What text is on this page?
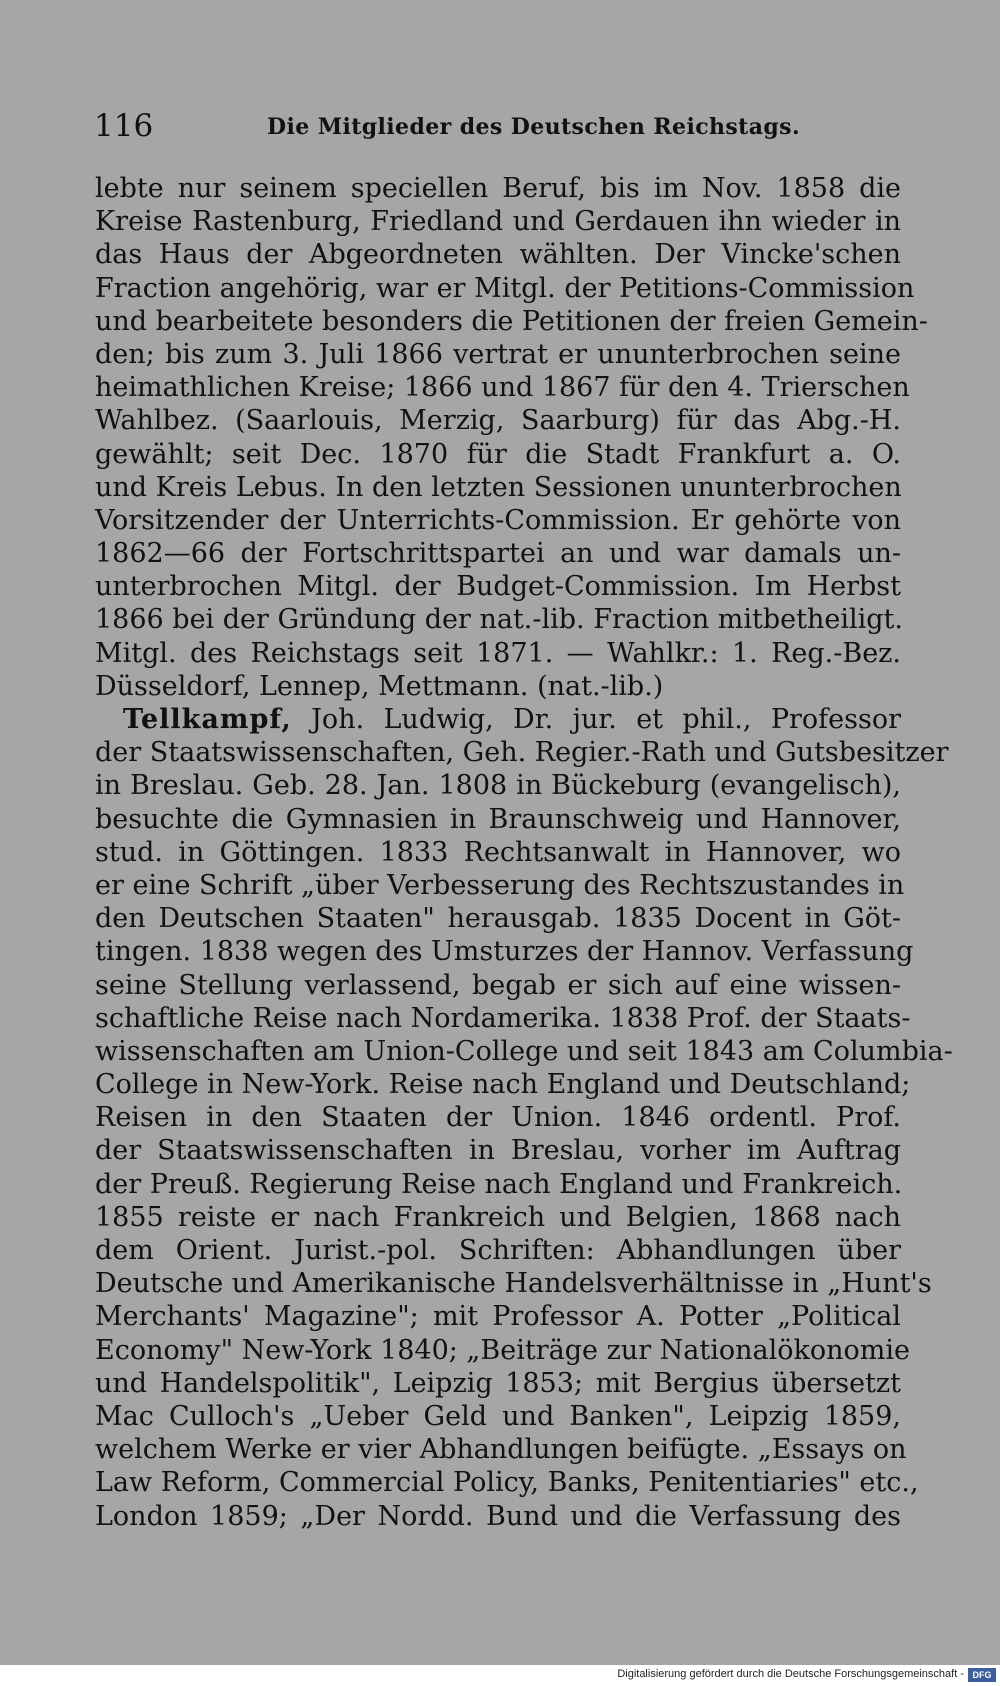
116	Die Mitglieder des Deutschen Reichstags.
lebte nur seinem speciellen Beruf, bis im Nov. 1858 die
Kreise Rastenburg, Friedland und Gerdauen ihn wieder in
das Haus der Abgeordneten wählten. Der Vincke'schen
Fraction angehörig, war er Mitgl. der Petitions-Commission
und bearbeitete besonders die Petitionen der freien Gemein-
den; bis zum 3. Juli 1866 vertrat er ununterbrochen seine
heimathlichen Kreise; 1866 und 1867 für den 4. Trierschen
Wahlbez. (Saarlouis, Merzig, Saarburg) für das Abg.-H.
gewählt; seit Dec. 1870 für die Stadt Frankfurt a. O.
und Kreis Lebus. In den letzten Sessionen ununterbrochen
Vorsitzender der Unterrichts-Commission. Er gehörte von
1862—66 der Fortschrittspartei an und war damals un-
unterbrochen Mitgl. der Budget-Commission. Im Herbst
1866 bei der Gründung der nat.-lib. Fraction mitbetheiligt.
Mitgl. des Reichstags seit 1871. — Wahlkr.: 1. Reg.-Bez.
Düsseldorf, Lennep, Mettmann. (nat.-lib.)
Tellkampf, Joh. Ludwig, Dr. jur. et phil., Professor
der Staatswissenschaften, Geh. Regier.-Rath und Gutsbesitzer
in Breslau. Geb. 28. Jan. 1808 in Bückeburg (evangelisch),
besuchte die Gymnasien in Braunschweig und Hannover,
stud. in Göttingen. 1833 Rechtsanwalt in Hannover, wo
er eine Schrift „über Verbesserung des Rechtszustandes in
den Deutschen Staaten" herausgab. 1835 Docent in Göt-
tingen. 1838 wegen des Umsturzes der Hannov. Verfassung
seine Stellung verlassend, begab er sich auf eine wissen-
schaftliche Reise nach Nordamerika. 1838 Prof. der Staats-
wissenschaften am Union-College und seit 1843 am Columbia-
College in New-York. Reise nach England und Deutschland;
Reisen in den Staaten der Union. 1846 ordentl. Prof.
der Staatswissenschaften in Breslau, vorher im Auftrag
der Preuß. Regierung Reise nach England und Frankreich.
1855 reiste er nach Frankreich und Belgien, 1868 nach
dem Orient. Jurist.-pol. Schriften: Abhandlungen über
Deutsche und Amerikanische Handelsverhältnisse in „Hunt's
Merchants' Magazine"; mit Professor A. Potter „Political
Economy" New-York 1840; „Beiträge zur Nationalökonomie
und Handelspolitik", Leipzig 1853; mit Bergius übersetzt
Mac Culloch's „Ueber Geld und Banken", Leipzig 1859,
welchem Werke er vier Abhandlungen beifügte. „Essays on
Law Reform, Commercial Policy, Banks, Penitentiaries" etc.,
London 1859; „Der Nordd. Bund und die Verfassung des
Digitalisierung gefördert durch die Deutsche Forschungsgemeinschaft - DFG
